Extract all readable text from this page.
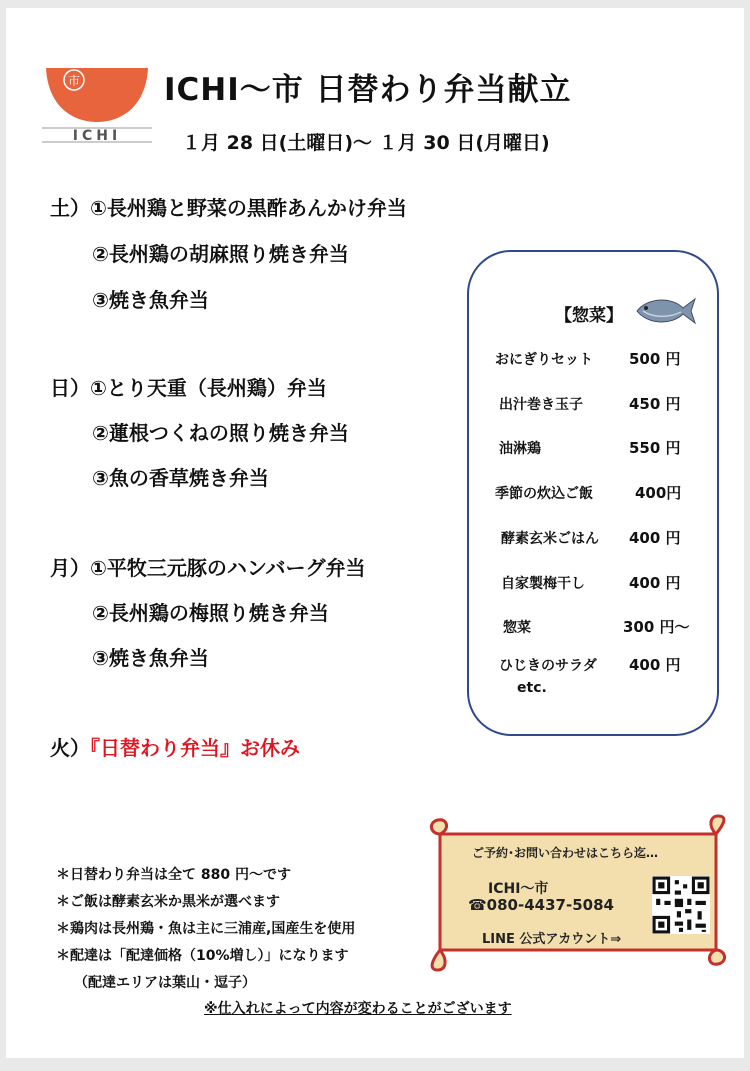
市
ICHI
ICHI〜市 日替わり弁当献立
１月 28 日(土曜日)〜 １月 30 日(月曜日)
土）①長州鶏と野菜の黒酢あんかけ弁当
②長州鶏の胡麻照り焼き弁当
③焼き魚弁当
日）①とり天重（長州鶏）弁当
②蓮根つくねの照り焼き弁当
③魚の香草焼き弁当
月）①平牧三元豚のハンバーグ弁当
②長州鶏の梅照り焼き弁当
③焼き魚弁当
火）『日替わり弁当』お休み
【惣菜】
おにぎりセット 500 円
出汁巻き玉子	450 円
油淋鶏	550 円
季節の炊込ご飯	400円
酵素玄米ごはん 400 円
自家製梅干し	400 円
惣菜	300 円〜
ひじきのサラダ 400 円
etc.
＊日替わり弁当は全て 880 円〜です
＊ご飯は酵素玄米か黒米が選べます
＊鶏肉は長州鶏・魚は主に三浦産,国産生を使用
＊配達は「配達価格（10%増し）」になります
（配達エリアは葉山・逗子）
※仕入れによって内容が変わることがございます
ご予約･お問い合わせはこちら迄…
ICHI〜市
☎080-4437-5084
LINE 公式アカウント⇒
